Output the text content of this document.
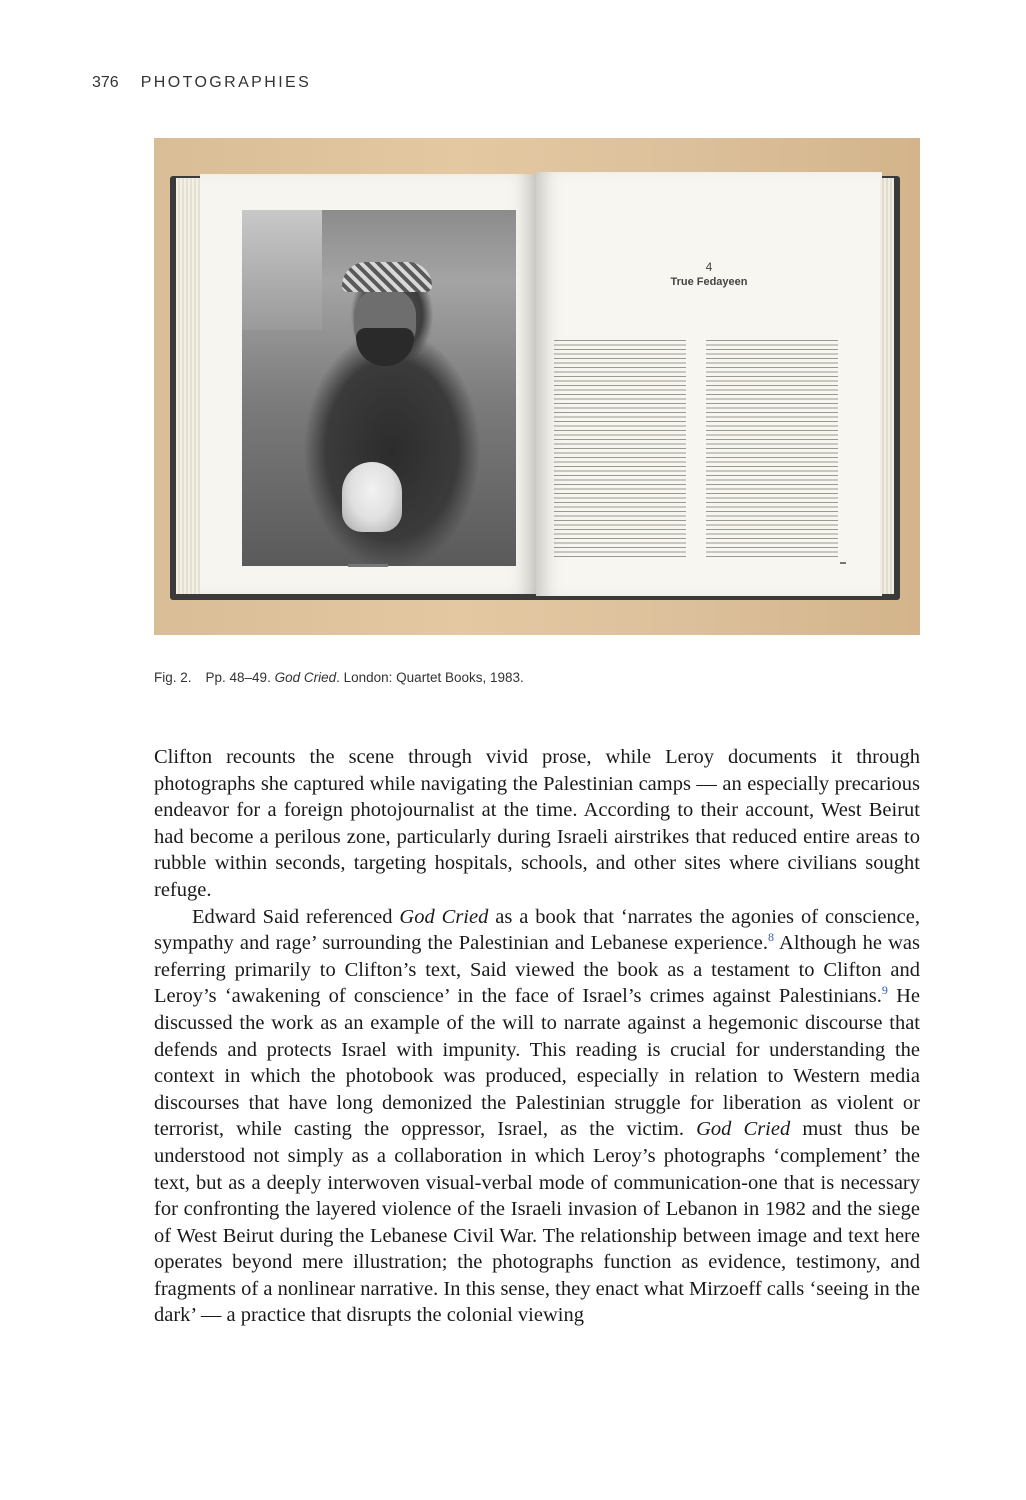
376 PHOTOGRAPHIES
4
True Fedayeen
Fig. 2. Pp. 48–49. God Cried. London: Quartet Books, 1983.

Clifton recounts the scene through vivid prose, while Leroy documents it through photographs she captured while navigating the Palestinian camps — an especially precarious endeavor for a foreign photojournalist at the time. According to their account, West Beirut had become a perilous zone, particularly during Israeli airstrikes that reduced entire areas to rubble within seconds, targeting hospitals, schools, and other sites where civilians sought refuge.

Edward Said referenced God Cried as a book that ‘narrates the agonies of conscience, sympathy and rage’ surrounding the Palestinian and Lebanese experience.$^8$ Although he was referring primarily to Clifton’s text, Said viewed the book as a testament to Clifton and Leroy’s ‘awakening of conscience’ in the face of Israel’s crimes against Palestinians.$^9$ He discussed the work as an example of the will to narrate against a hegemonic discourse that defends and protects Israel with impunity. This reading is crucial for understanding the context in which the photobook was produced, especially in relation to Western media discourses that have long demonized the Palestinian struggle for liberation as violent or terrorist, while casting the oppressor, Israel, as the victim. God Cried must thus be understood not simply as a collaboration in which Leroy’s photographs ‘complement’ the text, but as a deeply interwoven visual-verbal mode of communication-one that is necessary for confronting the layered violence of the Israeli invasion of Lebanon in 1982 and the siege of West Beirut during the Lebanese Civil War. The relationship between image and text here operates beyond mere illustration; the photographs function as evidence, testimony, and fragments of a nonlinear narrative. In this sense, they enact what Mirzoeff calls ‘seeing in the dark’ — a practice that disrupts the colonial viewing
